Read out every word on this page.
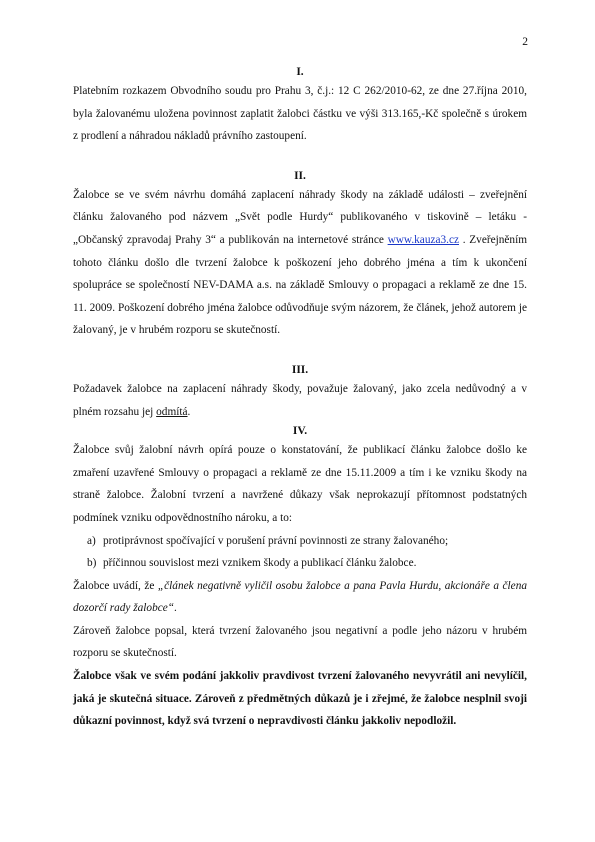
2
I.

Platebním rozkazem Obvodního soudu pro Prahu 3, č.j.: 12 C 262/2010-62, ze dne 27.října 2010, byla žalovanému uložena povinnost zaplatit žalobci částku ve výši 313.165,-Kč společně s úrokem z prodlení a náhradou nákladů právního zastoupení.

II.

Žalobce se ve svém návrhu domáhá zaplacení náhrady škody na základě události – zveřejnění článku žalovaného pod názvem „Svět podle Hurdy“ publikovaného v tiskovině – letáku - „Občanský zpravodaj Prahy 3“ a publikován na internetové stránce www.kauza3.cz . Zveřejněním tohoto článku došlo dle tvrzení žalobce k poškození jeho dobrého jména a tím k ukončení spolupráce se společností NEV-DAMA a.s. na základě Smlouvy o propagaci a reklamě ze dne 15. 11. 2009. Poškození dobrého jména žalobce odůvodňuje svým názorem, že článek, jehož autorem je žalovaný, je v hrubém rozporu se skutečností.

III.

Požadavek žalobce na zaplacení náhrady škody, považuje žalovaný, jako zcela nedůvodný a v plném rozsahu jej odmítá.

IV.

Žalobce svůj žalobní návrh opírá pouze o konstatování, že publikací článku žalobce došlo ke zmaření uzavřené Smlouvy o propagaci a reklamě ze dne 15.11.2009 a tím i ke vzniku škody na straně žalobce. Žalobní tvrzení a navržené důkazy však neprokazují přítomnost podstatných podmínek vzniku odpovědnostního nároku, a to:

a) protiprávnost spočívající v porušení právní povinnosti ze strany žalovaného;
b) příčinnou souvislost mezi vznikem škody a publikací článku žalobce.

Žalobce uvádí, že „článek negativně vyličil osobu žalobce a pana Pavla Hurdu, akcionáře a člena dozorčí rady žalobce“.

Zároveň žalobce popsal, která tvrzení žalovaného jsou negativní a podle jeho názoru v hrubém rozporu se skutečností.

Žalobce však ve svém podání jakkoliv pravdivost tvrzení žalovaného nevyvrátil ani nevylíčil, jaká je skutečná situace. Zároveň z předmětných důkazů je i zřejmé, že žalobce nesplnil svoji důkazní povinnost, když svá tvrzení o nepravdivosti článku jakkoliv nepodložil.
